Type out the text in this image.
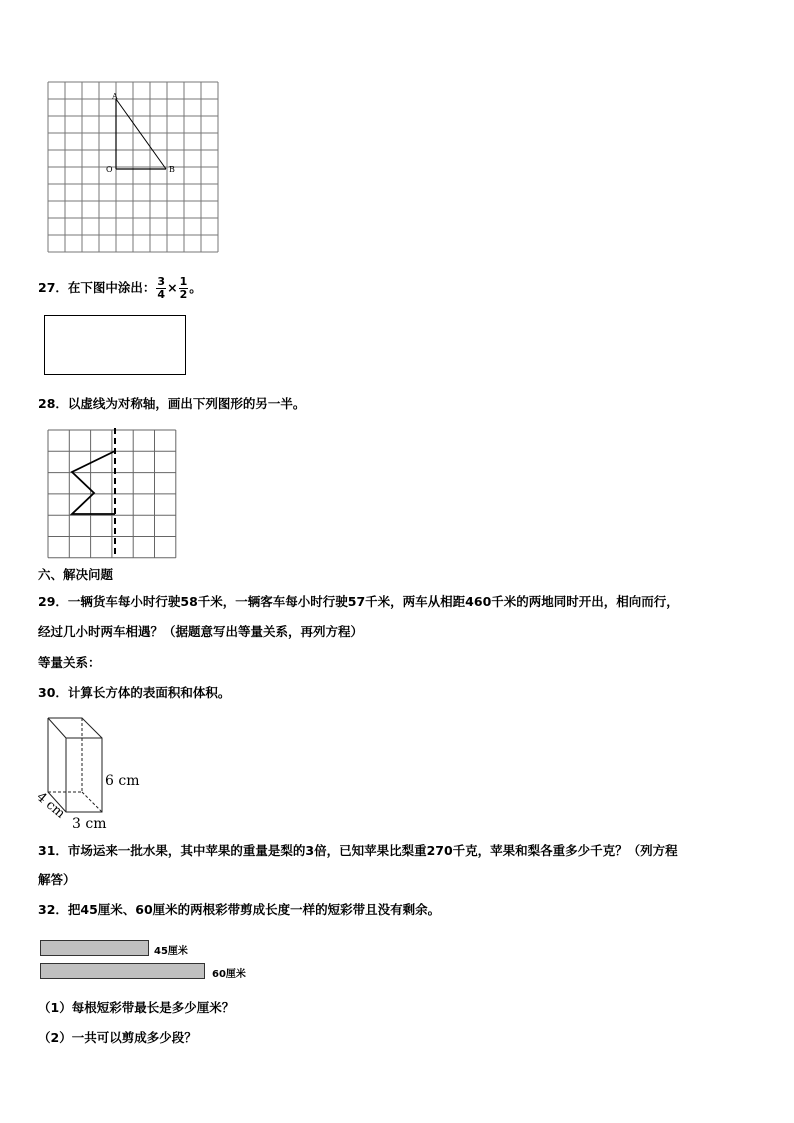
A
O	B
27．在下图中涂出： $\frac{3}{4} \times \frac{1}{2}$ 。
28．以虚线为对称轴，画出下列图形的另一半。
六、解决问题
29．一辆货车每小时行驶58千米，一辆客车每小时行驶57千米，两车从相距460千米的两地同时开出，相向而行，
经过几小时两车相遇？（据题意写出等量关系，再列方程）
等量关系：
30．计算长方体的表面积和体积。
6 cm
4 cm
3 cm
31．市场运来一批水果，其中苹果的重量是梨的3倍，已知苹果比梨重270千克，苹果和梨各重多少千克？（列方程
解答）
32．把45厘米、60厘米的两根彩带剪成长度一样的短彩带且没有剩余。
45厘米
60厘米
（1）每根短彩带最长是多少厘米？
（2）一共可以剪成多少段？
